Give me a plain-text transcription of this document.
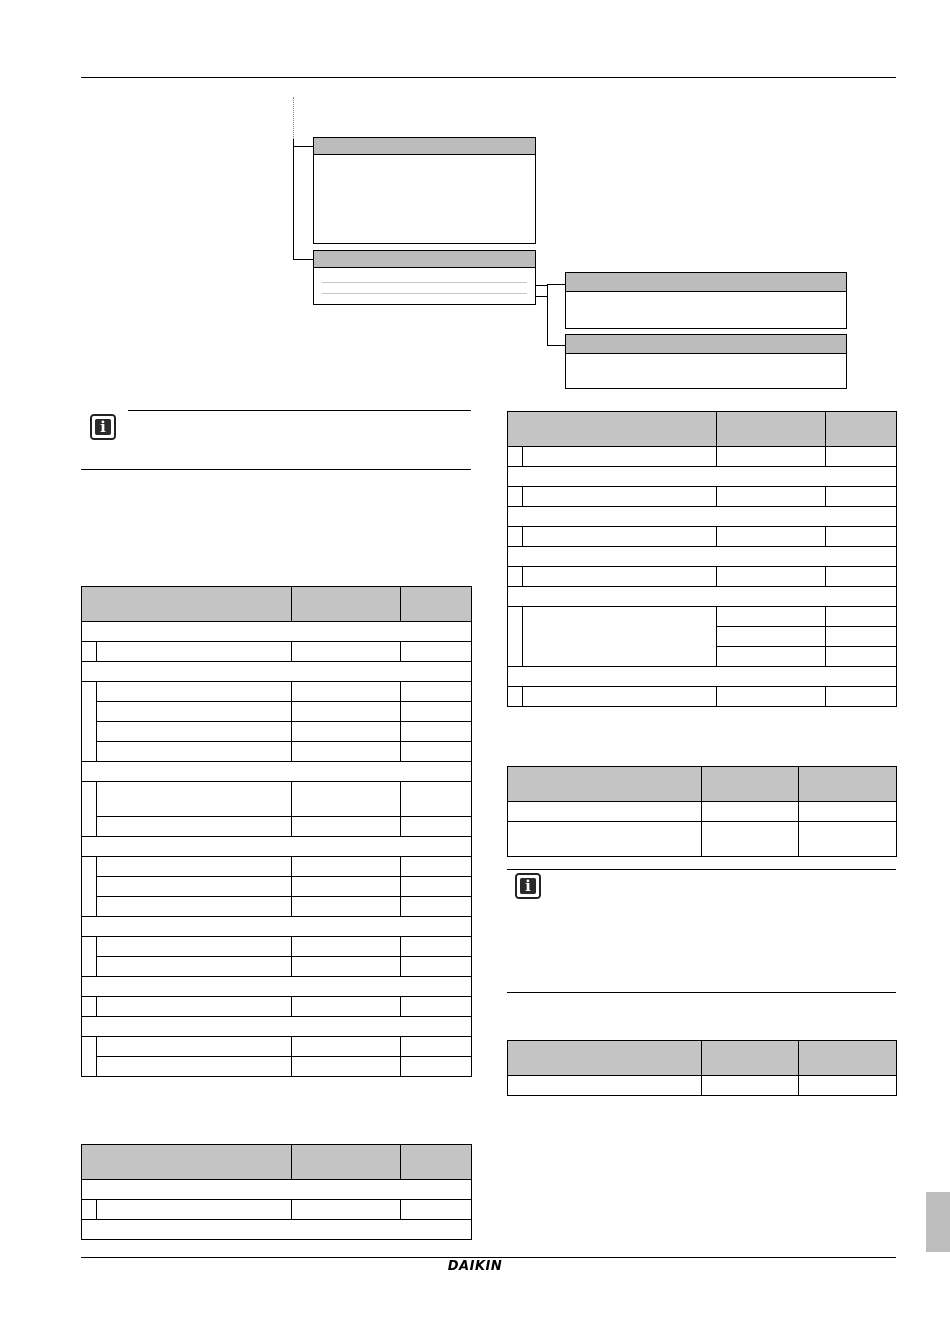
i

i

DAIKIN
